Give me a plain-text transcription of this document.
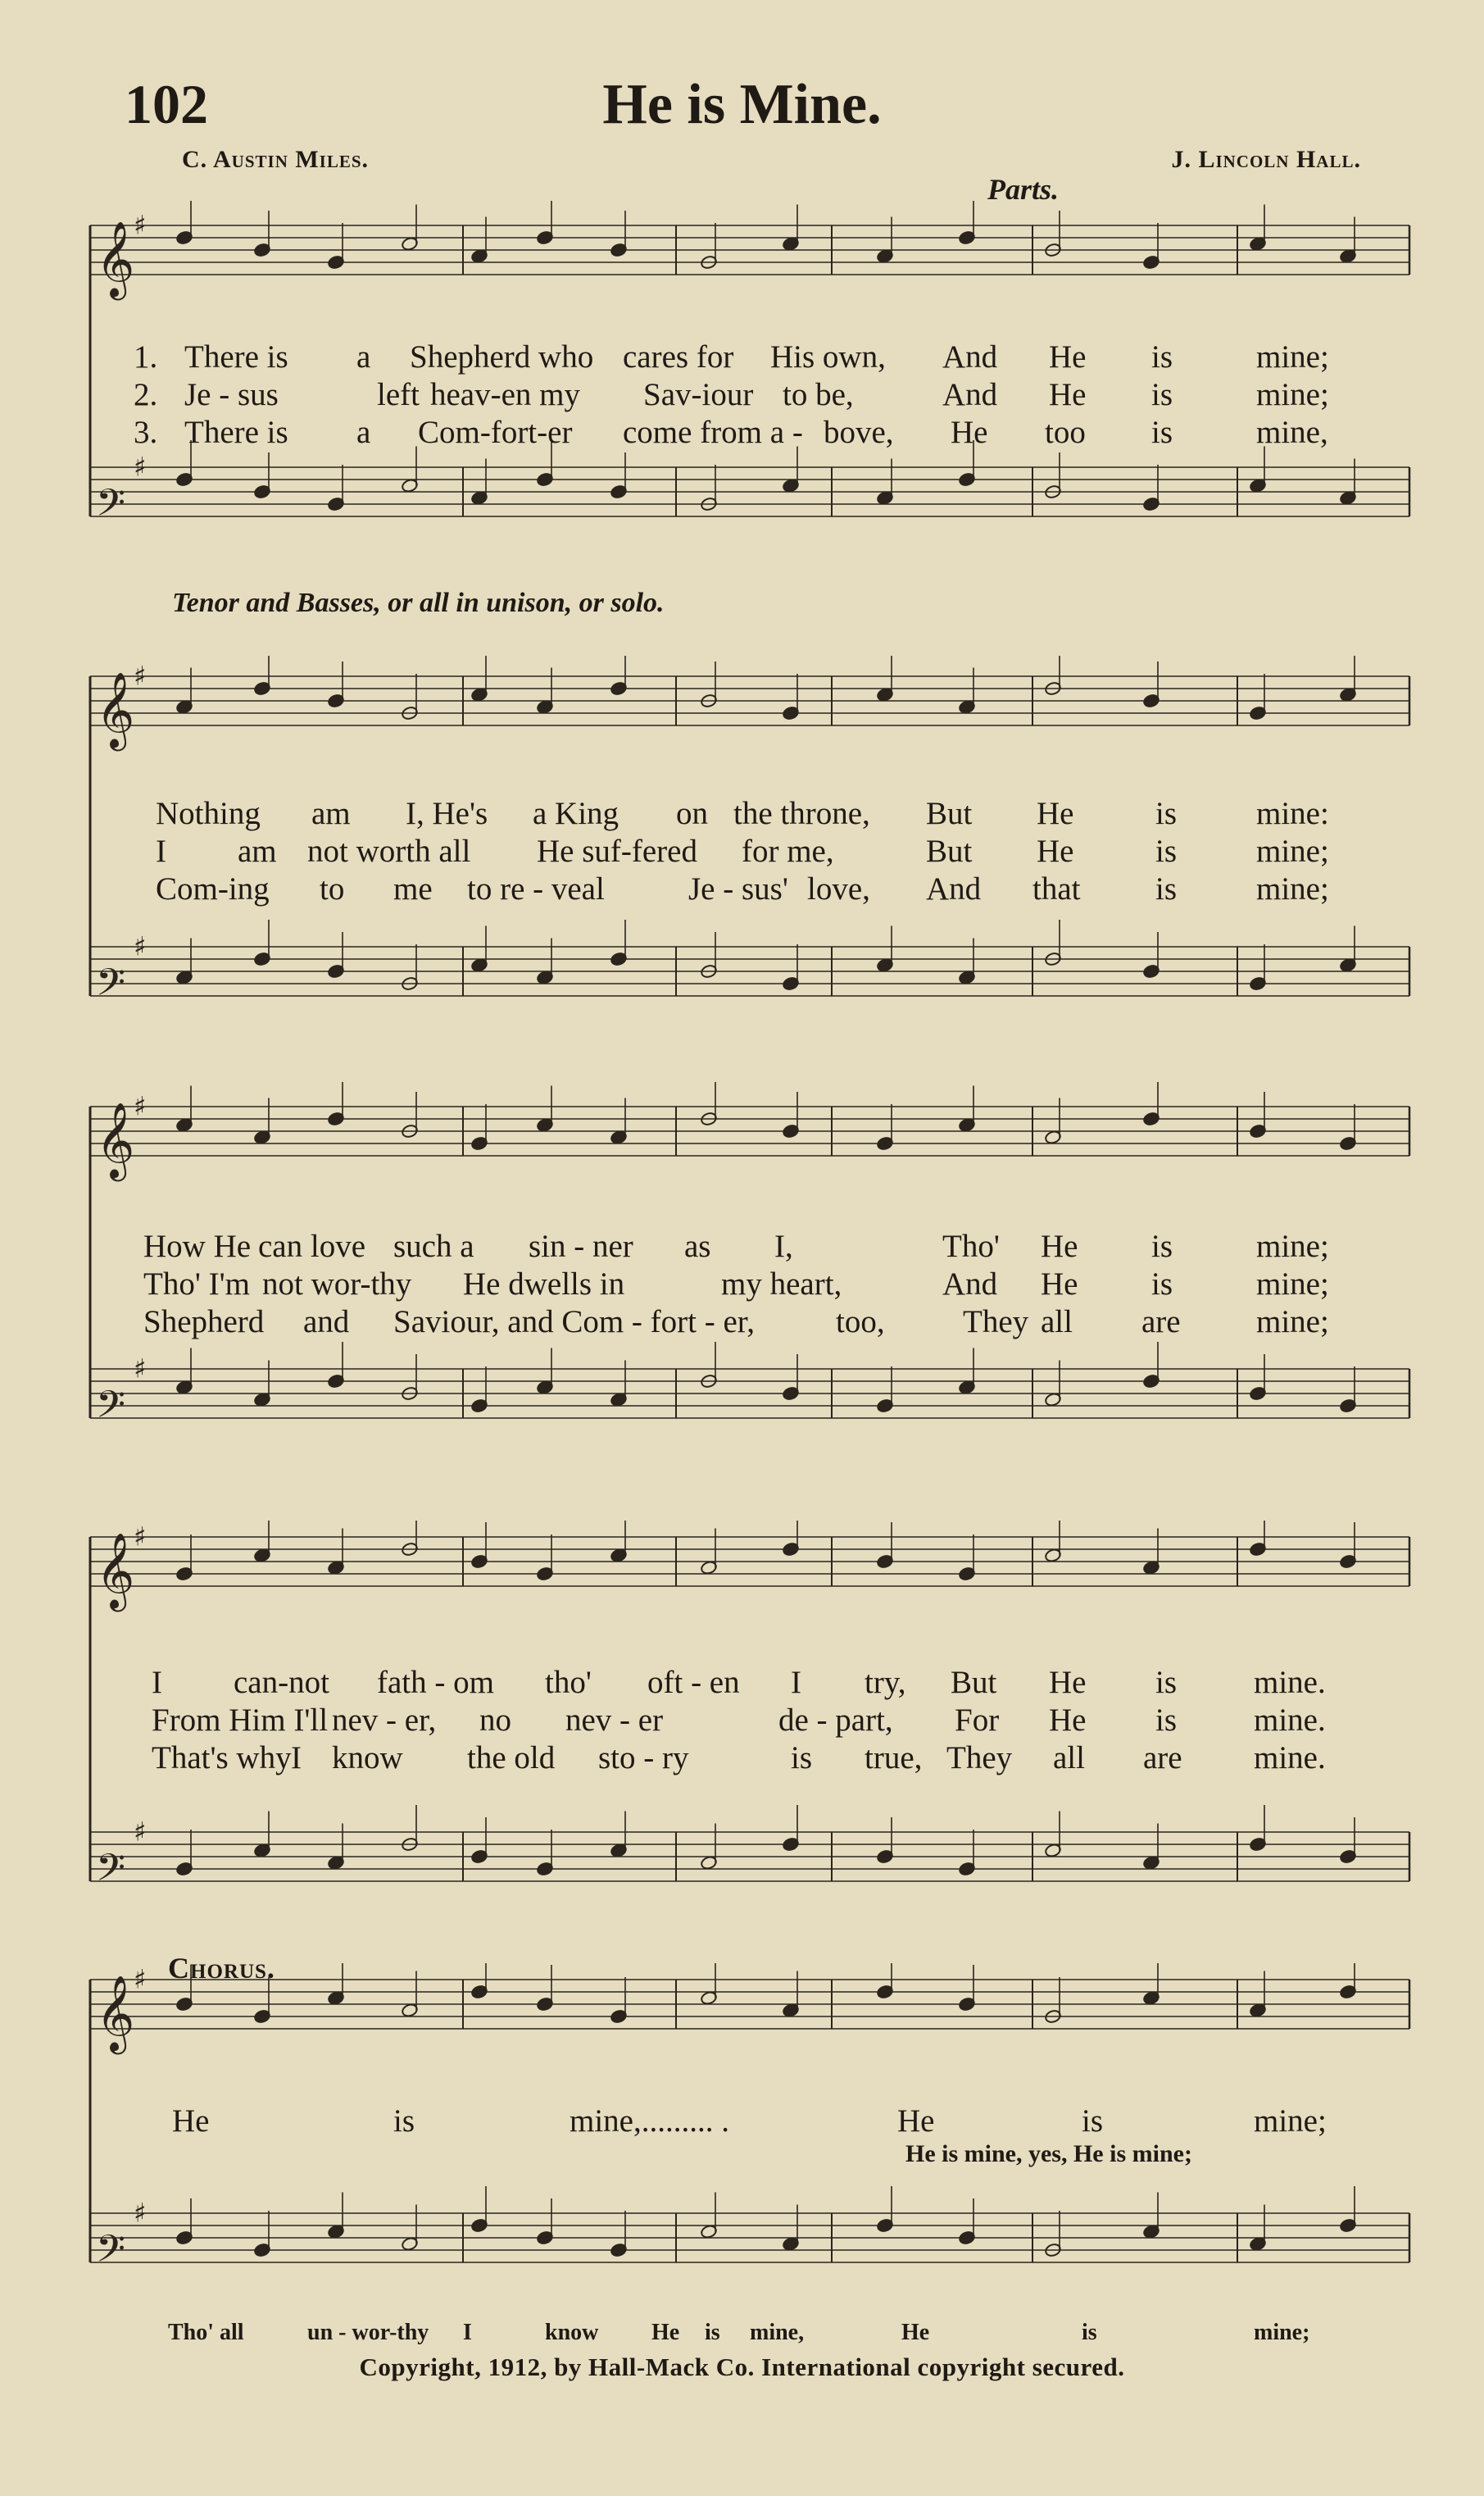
102	He is Mine.
C. Austin Miles.	J. Lincoln Hall.
Parts.
𝄞
♯
𝄢
♯
1. There is a Shepherd who cares for His own, And He is	mine;
2. Je - sus	left heav-en my Sav-iour to be,	And He is	mine;
3. There is a Com-fort-er come from a - bove, He too is	mine,
Tenor and Basses, or all in unison, or solo.
𝄞
♯
𝄢
♯
Nothing am I, He's a King on the throne, But He	is mine:
I am not worth all He suf-fered for me,	But He	is mine;
Com-ing to me to re - veal	Je - sus' love, And that is mine;
𝄞
♯
𝄢
♯
How He can love such a sin - ner as I,	Tho' He is	mine;
Tho' I'm not wor-thy He dwells in	my heart,	And He is	mine;
Shepherd and Saviour, and Com - fort - er,	too, They all are mine;
𝄞
♯
𝄢
♯
I can-not fath - om tho' oft - en I try, But He is mine.
From Him I'll nev - er, no nev - er	de - part, For He is mine.
That's why I know the old sto - ry	is true, They all are mine.
Chorus.
𝄞
♯
𝄢
♯
He	is	mine,......... .	He	is	mine;
He is mine, yes, He is mine;
Tho' all	un - wor-thy I	know He is mine,	He	is	mine;
Copyright, 1912, by Hall-Mack Co. International copyright secured.
